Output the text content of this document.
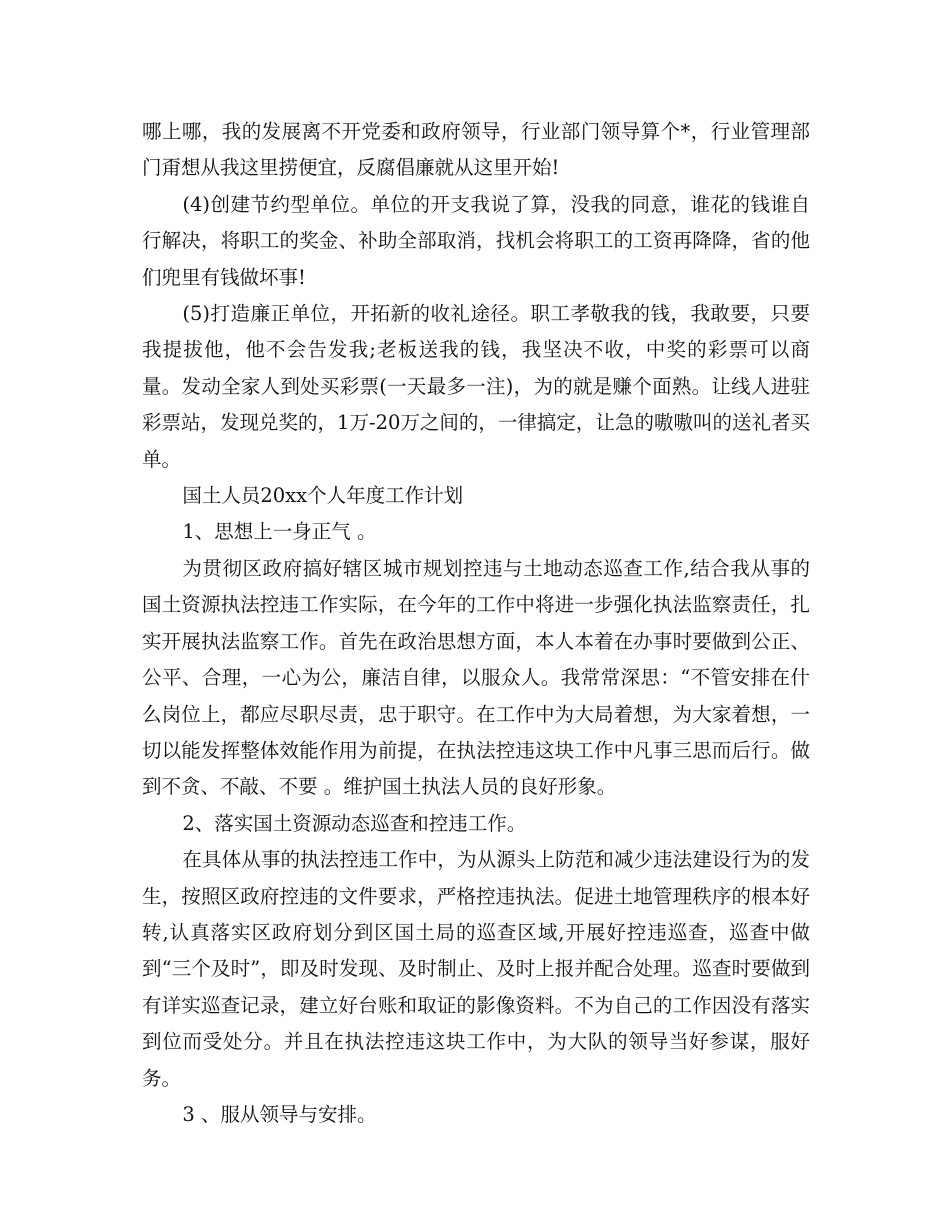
哪上哪，我的发展离不开党委和政府领导，行业部门领导算个*，行业管理部门甭想从我这里捞便宜，反腐倡廉就从这里开始!

(4)创建节约型单位。单位的开支我说了算，没我的同意，谁花的钱谁自行解决，将职工的奖金、补助全部取消，找机会将职工的工资再降降，省的他们兜里有钱做坏事!

(5)打造廉正单位，开拓新的收礼途径。职工孝敬我的钱，我敢要，只要我提拔他，他不会告发我;老板送我的钱，我坚决不收，中奖的彩票可以商量。发动全家人到处买彩票(一天最多一注)，为的就是赚个面熟。让线人进驻彩票站，发现兑奖的，1万-20万之间的，一律搞定，让急的嗷嗷叫的送礼者买单。

国土人员20xx个人年度工作计划

1、思想上一身正气 。

为贯彻区政府搞好辖区城市规划控违与土地动态巡查工作,结合我从事的国土资源执法控违工作实际，在今年的工作中将进一步强化执法监察责任，扎实开展执法监察工作。首先在政治思想方面，本人本着在办事时要做到公正、公平、合理，一心为公，廉洁自律，以服众人。我常常深思：“不管安排在什么岗位上，都应尽职尽责，忠于职守。在工作中为大局着想，为大家着想，一切以能发挥整体效能作用为前提，在执法控违这块工作中凡事三思而后行。做到不贪、不敲、不要 。维护国土执法人员的良好形象。

2、落实国土资源动态巡查和控违工作。

在具体从事的执法控违工作中，为从源头上防范和减少违法建设行为的发生，按照区政府控违的文件要求，严格控违执法。促进土地管理秩序的根本好转,认真落实区政府划分到区国土局的巡查区域,开展好控违巡查，巡查中做到“三个及时”，即及时发现、及时制止、及时上报并配合处理。巡查时要做到有详实巡查记录，建立好台账和取证的影像资料。不为自己的工作因没有落实到位而受处分。并且在执法控违这块工作中，为大队的领导当好参谋，服好务。

3 、服从领导与安排。
